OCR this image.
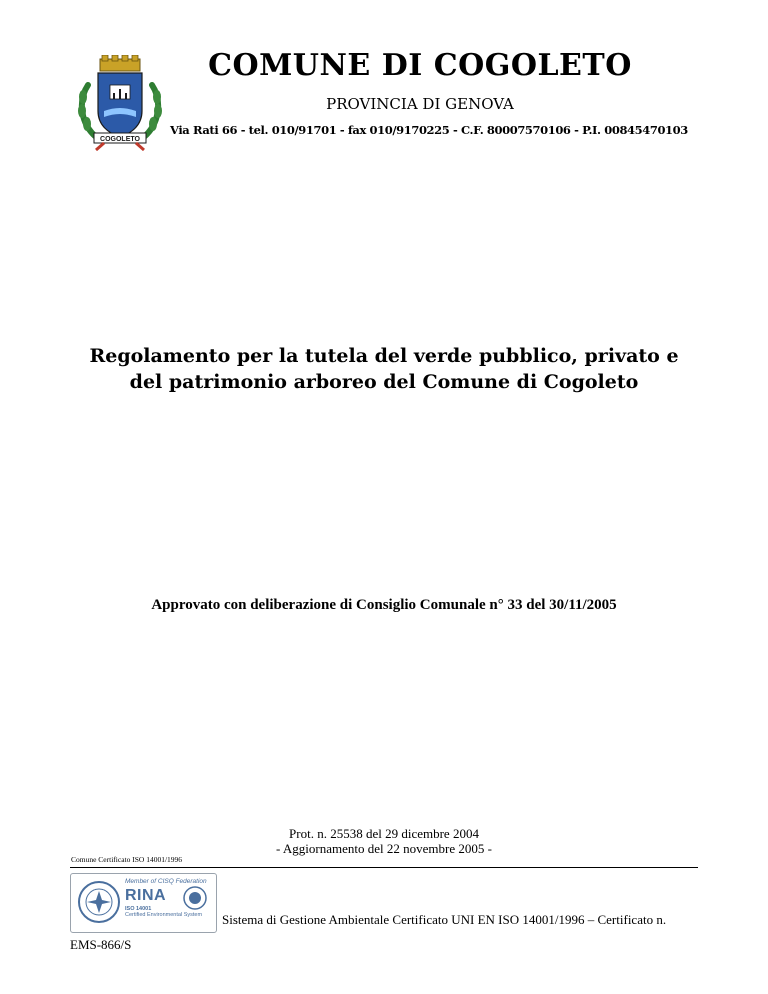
COGOLETO
COMUNE DI COGOLETO
PROVINCIA DI GENOVA
Via Rati 66 - tel. 010/91701 - fax 010/9170225 - C.F. 80007570106 - P.I. 00845470103
Regolamento per la tutela del verde pubblico, privato e
del patrimonio arboreo del Comune di Cogoleto
Approvato con deliberazione di Consiglio Comunale n° 33 del 30/11/2005
Prot. n. 25538 del 29 dicembre 2004
- Aggiornamento del 22 novembre 2005 -
Comune Certificato ISO 14001/1996
Member of CISQ Federation
RINA
ISO 14001
Certified Environmental System Sistema di Gestione Ambientale Certificato UNI EN ISO 14001/1996 – Certificato n.
EMS-866/S
